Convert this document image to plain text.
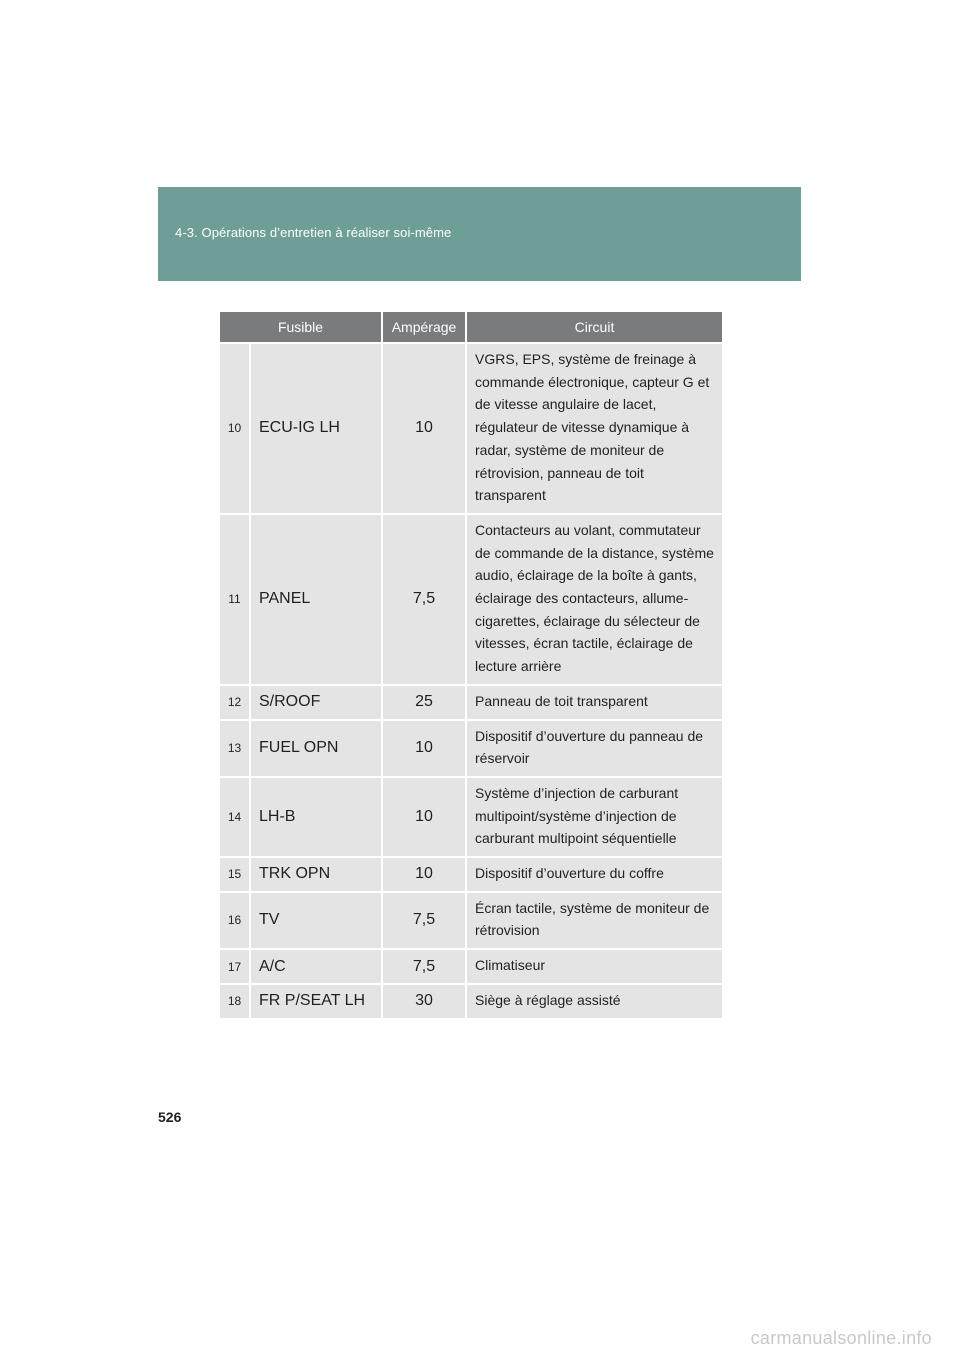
4-3. Opérations d’entretien à réaliser soi-même
Fusible		Ampérage	Circuit
10	ECU-IG LH	10	VGRS, EPS, système de freinage à commande électronique, capteur G et de vitesse angulaire de lacet, régulateur de vitesse dynamique à radar, système de moniteur de rétrovision, panneau de toit transparent
11	PANEL	7,5	Contacteurs au volant, commutateur de commande de la distance, système audio, éclairage de la boîte à gants, éclairage des contacteurs, allume-cigarettes, éclairage du sélecteur de vitesses, écran tactile, éclairage de lecture arrière
12	S/ROOF	25	Panneau de toit transparent
13	FUEL OPN	10	Dispositif d’ouverture du panneau de réservoir
14	LH-B	10	Système d’injection de carburant multipoint/système d’injection de carburant multipoint séquentielle
15	TRK OPN	10	Dispositif d’ouverture du coffre
16	TV	7,5	Écran tactile, système de moniteur de rétrovision
17	A/C	7,5	Climatiseur
18	FR P/SEAT LH	30	Siège à réglage assisté
526
carmanualsonline.info
